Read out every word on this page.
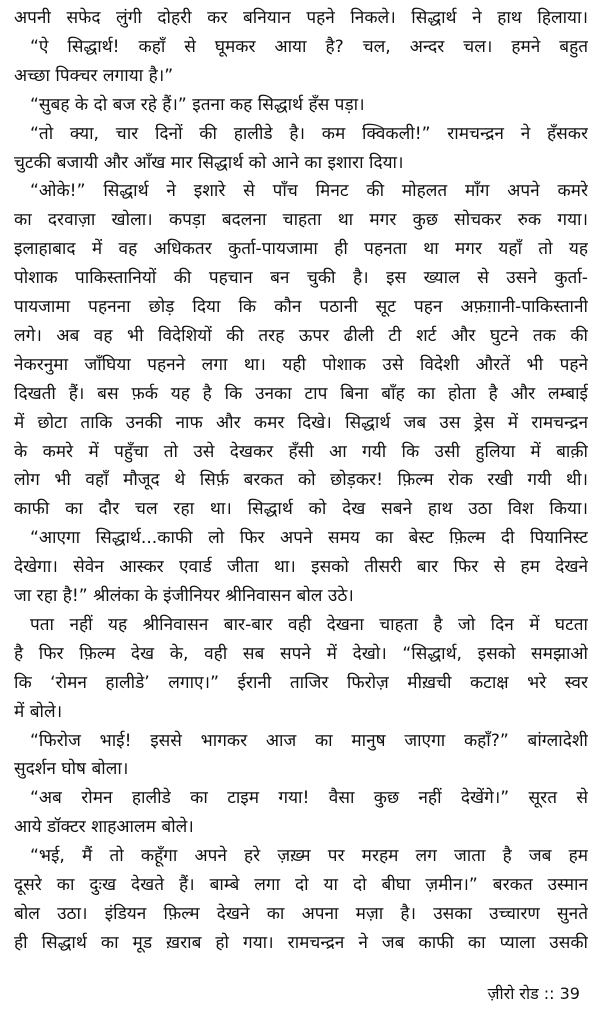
अपनी सफेद लुंगी दोहरी कर बनियान पहने निकले। सिद्धार्थ ने हाथ हिलाया।
“ऐ सिद्धार्थ! कहाँ से घूमकर आया है? चल, अन्दर चल। हमने बहुत
अच्छा पिक्चर लगाया है।”
“सुबह के दो बज रहे हैं।” इतना कह सिद्धार्थ हँस पड़ा।
“तो क्या, चार दिनों की हालीडे है। कम क्विकली!” रामचन्द्रन ने हँसकर
चुटकी बजायी और आँख मार सिद्धार्थ को आने का इशारा दिया।
“ओके!” सिद्धार्थ ने इशारे से पाँच मिनट की मोहलत माँग अपने कमरे
का दरवाज़ा खोला। कपड़ा बदलना चाहता था मगर कुछ सोचकर रुक गया।
इलाहाबाद में वह अधिकतर कुर्ता-पायजामा ही पहनता था मगर यहाँ तो यह
पोशाक पाकिस्तानियों की पहचान बन चुकी है। इस ख्याल से उसने कुर्ता-
पायजामा पहनना छोड़ दिया कि कौन पठानी सूट पहन अफ़ग़ानी-पाकिस्तानी
लगे। अब वह भी विदेशियों की तरह ऊपर ढीली टी शर्ट और घुटने तक की
नेकरनुमा जाँघिया पहनने लगा था। यही पोशाक उसे विदेशी औरतें भी पहने
दिखती हैं। बस फ़र्क यह है कि उनका टाप बिना बाँह का होता है और लम्बाई
में छोटा ताकि उनकी नाफ और कमर दिखे। सिद्धार्थ जब उस ड्रेस में रामचन्द्रन
के कमरे में पहुँचा तो उसे देखकर हँसी आ गयी कि उसी हुलिया में बाक़ी
लोग भी वहाँ मौजूद थे सिर्फ़ बरकत को छोड़कर! फ़िल्म रोक रखी गयी थी।
काफी का दौर चल रहा था। सिद्धार्थ को देख सबने हाथ उठा विश किया।
“आएगा सिद्धार्थ...काफी लो फिर अपने समय का बेस्ट फ़िल्म दी पियानिस्ट
देखेगा। सेवेन आस्कर एवार्ड जीता था। इसको तीसरी बार फिर से हम देखने
जा रहा है!” श्रीलंका के इंजीनियर श्रीनिवासन बोल उठे।
पता नहीं यह श्रीनिवासन बार-बार वही देखना चाहता है जो दिन में घटता
है फिर फ़िल्म देख के, वही सब सपने में देखो। “सिद्धार्थ, इसको समझाओ
कि ‘रोमन हालीडे’ लगाए।” ईरानी ताजिर फिरोज़ मीख़ची कटाक्ष भरे स्वर
में बोले।
“फिरोज भाई! इससे भागकर आज का मानुष जाएगा कहाँ?” बांग्लादेशी
सुदर्शन घोष बोला।
“अब रोमन हालीडे का टाइम गया! वैसा कुछ नहीं देखेंगे।” सूरत से
आये डॉक्टर शाहआलम बोले।
“भई, मैं तो कहूँगा अपने हरे ज़ख़्म पर मरहम लग जाता है जब हम
दूसरे का दुःख देखते हैं। बाम्बे लगा दो या दो बीघा ज़मीन।” बरकत उस्मान
बोल उठा। इंडियन फ़िल्म देखने का अपना मज़ा है। उसका उच्चारण सुनते
ही सिद्धार्थ का मूड ख़राब हो गया। रामचन्द्रन ने जब काफी का प्याला उसकी
ज़ीरो रोड :: 39
